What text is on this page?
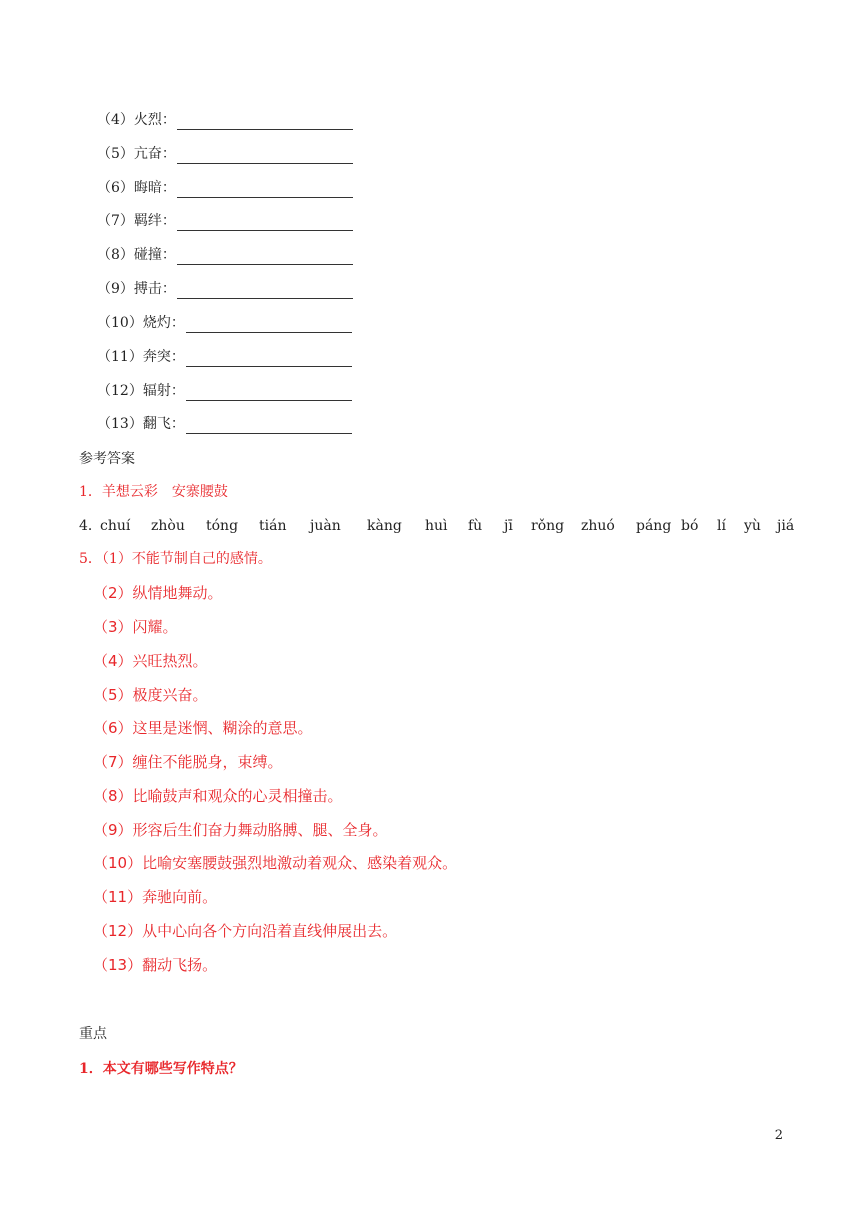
（4）火烈：
（5）亢奋：
（6）晦暗：
（7）羁绊：
（8）碰撞：
（9）搏击：
（10）烧灼：
（11）奔突：
（12）辐射：
（13）翻飞：
参考答案
1．羊想云彩　安寨腰鼓
4．
chuí zhòu tóng tián juàn kàng huì fù jī rǒng zhuó páng bó lí yù jiá
5．（1）不能节制自己的感情。
（2）纵情地舞动。
（3）闪耀。
（4）兴旺热烈。
（5）极度兴奋。
（6）这里是迷惘、糊涂的意思。
（7）缠住不能脱身，束缚。
（8）比喻鼓声和观众的心灵相撞击。
（9）形容后生们奋力舞动胳膊、腿、全身。
（10）比喻安塞腰鼓强烈地激动着观众、感染着观众。
（11）奔驰向前。
（12）从中心向各个方向沿着直线伸展出去。
（13）翻动飞扬。
重点
1．本文有哪些写作特点？
2
